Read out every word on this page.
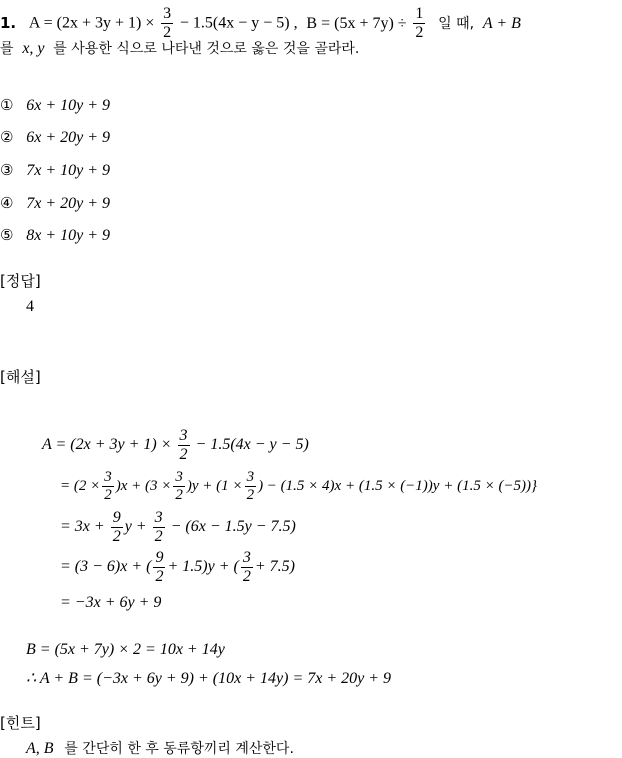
1. $A = (2x + 3y + 1) \times \frac{3}{2} - 1.5(4x - y - 5)$ , $B = (5x + 7y) \div \frac{1}{2}$ 일 때, A + B
를 x, y 를 사용한 식으로 나타낸 것으로 옳은 것을 골라라.
① 6x + 10y + 9
② 6x + 20y + 9
③ 7x + 10y + 9
④ 7x + 20y + 9
⑤ 8x + 10y + 9
[정답]
4
[해설]
$A = (2x + 3y + 1) \times \frac{3}{2} - 1.5(4x - y - 5)$
= $(2 \times \frac{3}{2} )x + (3 \times \frac{3}{2} )y + (1 \times \frac{3}{2}$ ) − (1.5 × 4)x + (1.5 × (−1))y + (1.5 × (−5))}
= $3x + \frac{9}{2}$ $y + \frac{3}{2} - (6x - 1.5y - 7.5)$
= (3 − 6)x + ( $\frac{9}{2} + 1.5)y$ + ( $\frac{3}{2} + 7.5$)
= −3x + 6y + 9
B = (5x + 7y) × 2 = 10x + 14y
∴ A + B = (−3x + 6y + 9) + (10x + 14y) = 7x + 20y + 9
[힌트]
A, B 를 간단히 한 후 동류항끼리 계산한다.
